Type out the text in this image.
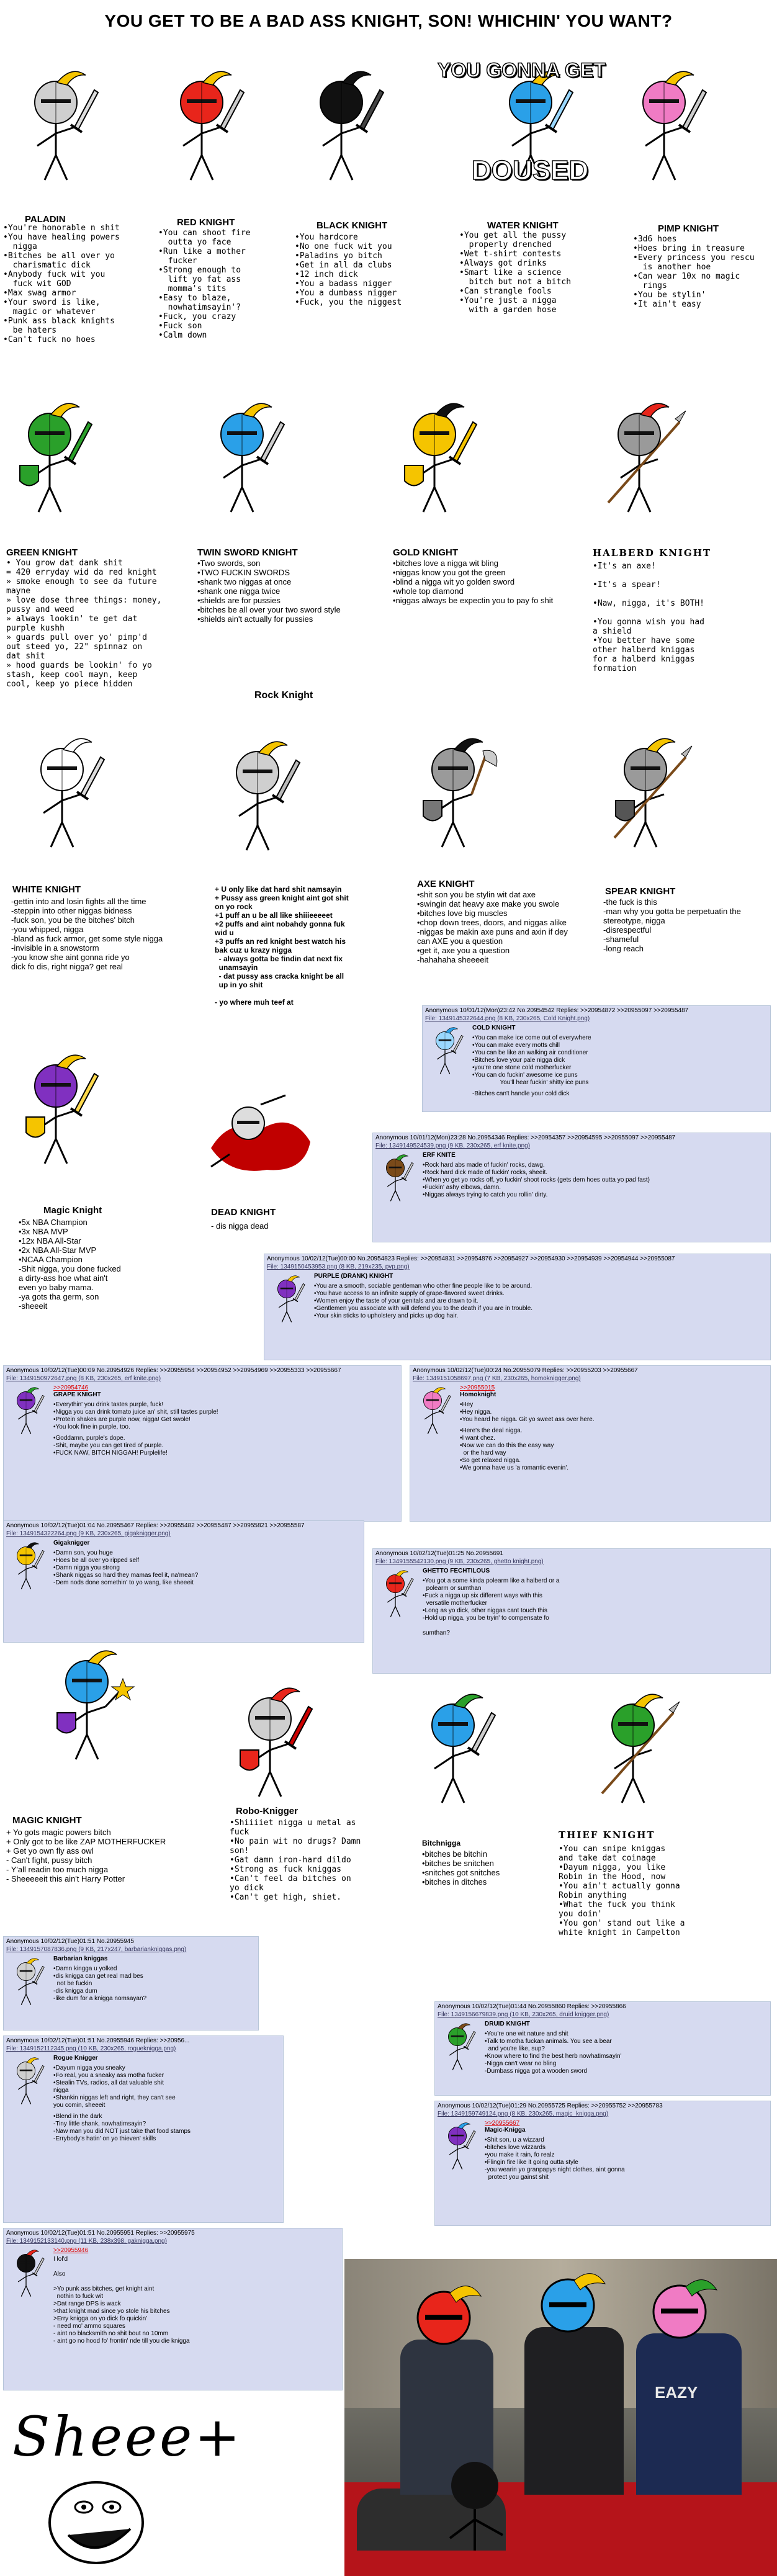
YOU GET TO BE A BAD ASS KNIGHT, SON! WHICHIN' YOU WANT?
PALADIN
•You're honorable n shit
•You have healing powers
nigga
•Bitches be all over yo
charismatic dick
•Anybody fuck wit you
fuck wit GOD
•Max swag armor
•Your sword is like,
magic or whatever
•Punk ass black knights
be haters
•Can't fuck no hoes
RED KNIGHT
•You can shoot fire
outta yo face
•Run like a mother
fucker
•Strong enough to
lift yo fat ass
momma's tits
•Easy to blaze,
nowhatimsayin'?
•Fuck, you crazy
•Fuck son
•Calm down
BLACK KNIGHT
•You hardcore
•No one fuck wit you
•Paladins yo bitch
•Get in all da clubs
•12 inch dick
•You a badass nigger
•You a dumbass nigger
•Fuck, you the niggest
WATER KNIGHT
•You get all the pussy
properly drenched
•Wet t-shirt contests
•Always got drinks
•Smart like a science
bitch but not a bitch
•Can strangle fools
•You're just a nigga
with a garden hose
PIMP KNIGHT
•3d6 hoes
•Hoes bring in treasure
•Every princess you rescu
is another hoe
•Can wear 10x no magic
rings
•You be stylin'
•It ain't easy
YOU GONNA GET
DOUSED
GREEN KNIGHT
• You grow dat dank shit
= 420 erryday wid da red knight
» smoke enough to see da future
mayne
» love dose three things: money,
pussy and weed
» always lookin' te get dat
purple kushh
» guards pull over yo' pimp'd
out steed yo, 22" spinnaz on
dat shit
» hood guards be lookin' fo yo
stash, keep cool mayn, keep
cool, keep yo piece hidden
TWIN SWORD KNIGHT
•Two swords, son
•TWO FUCKIN SWORDS
•shank two niggas at once
•shank one nigga twice
•shields are for pussies
•bitches be all over your two sword style
•shields ain't actually for pussies
GOLD KNIGHT
•bitches love a nigga wit bling
•niggas know you got the green
•blind a nigga wit yo golden sword
•whole top diamond
•niggas always be expectin you to pay fo shit
HALBERD KNIGHT
•It's an axe!

•It's a spear!

•Naw, nigga, it's BOTH!

•You gonna wish you had
a shield
•You better have some
other halberd kniggas
for a halberd kniggas
formation
Rock Knight
WHITE KNIGHT
-gettin into and losin fights all the time
-steppin into other niggas bidness
-fuck son, you be the bitches' bitch
-you whipped, nigga
-bland as fuck armor, get some style nigga
-invisible in a snowstorm
-you know she aint gonna ride yo
dick fo dis, right nigga? get real
AXE KNIGHT
•shit son you be stylin wit dat axe
•swingin dat heavy axe make you swole
•bitches love big muscles
•chop down trees, doors, and niggas alike
-niggas be makin axe puns and axin if dey
can AXE you a question
•get it, axe you a question
-hahahaha sheeeeit
SPEAR KNIGHT
-the fuck is this
-man why you gotta be perpetuatin the
stereotype, nigga
-disrespectful
-shameful
-long reach
+ U only like dat hard shit namsayin
+ Pussy ass green knight aint got shit
on yo rock
+1 puff an u be all like shiiieeeeet
+2 puffs and aint nobahdy gonna fuk
wid u
+3 puffs an red knight best watch his
bak cuz u krazy nigga
- always gotta be findin dat next fix
unamsayin
- dat pussy ass cracka knight be all
up in yo shit

- yo where muh teef at
Magic Knight
•5x NBA Champion
•3x NBA MVP
•12x NBA All-Star
•2x NBA All-Star MVP
•NCAA Champion
-Shit nigga, you done fucked
a dirty-ass hoe what ain't
even yo baby mama.
-ya gots tha germ, son
-sheeeit
DEAD KNIGHT
- dis nigga dead
Anonymous 10/01/12(Mon)23:42 No.20954542 Replies: >>20954872 >>20955097 >>20955487
File: 1349145322644.png (8 KB, 230x265, Cold Knight.png)
COLD KNIGHT
•You can make ice come out of everywhere
•You can make every motts chill
•You can be like an walking air conditioner
•Bitches love your pale nigga dick
•you're one stone cold motherfucker
•You can do fuckin' awesome ice puns
You'll hear fuckin' shitty ice puns
-Bitches can't handle your cold dick
Anonymous 10/01/12(Mon)23:28 No.20954346 Replies: >>20954357 >>20954595 >>20955097 >>20955487
File: 1349149524539.png (9 KB, 230x265, erf knite.png)
ERF KNITE
•Rock hard abs made of fuckin' rocks, dawg.
•Rock hard dick made of fuckin' rocks, sheeit.
•When yo get yo rocks off, yo fuckin' shoot rocks (gets dem hoes outta yo pad fast)
•Fuckin' ashy elbows, damn.
•Niggas always trying to catch you rollin' dirty.
Anonymous 10/02/12(Tue)00:00 No.20954823 Replies: >>20954831 >>20954876 >>20954927 >>20954930 >>20954939 >>20954944 >>20955087
File: 1349150453953.png (8 KB, 219x235, pvp.png)
PURPLE (DRANK) KNIGHT
•You are a smooth, sociable gentleman who other fine people like to be around.
•You have access to an infinite supply of grape-flavored sweet drinks.
•Women enjoy the taste of your genitals and are drawn to it.
•Gentlemen you associate with will defend you to the death if you are in trouble.
•Your skin sticks to upholstery and picks up dog hair.
Anonymous 10/02/12(Tue)00:09 No.20954926 Replies: >>20955954 >>20954952 >>20954969 >>20955333 >>20955667
File: 1349150972647.png (8 KB, 230x265, erf knite.png)
>>20954746
GRAPE KNIGHT
•Everythin' you drink tastes purple, fuck!
•Nigga you can drink tomato juice an' shit, still tastes purple!
•Protein shakes are purple now, nigga! Get swole!
•You look fine in purple, too.
•Goddamn, purple's dope.
-Shit, maybe you can get tired of purple.
•FUCK NAW, BITCH NIGGAH! Purplelife!
Anonymous 10/02/12(Tue)00:24 No.20955079 Replies: >>20955203 >>20955667
File: 1349151058697.png (7 KB, 230x265, homoknigger.png)
>>20955015
Homoknight
•Hey
•Hey nigga.
•You heard he nigga. Git yo sweet ass over here.
•Here's the deal nigga.
•I want chez.
•Now we can do this the easy way
or the hard way
•So get relaxed nigga.
•We gonna have us 'a romantic evenin'.
Anonymous 10/02/12(Tue)01:04 No.20955467 Replies: >>20955482 >>20955487 >>20955821 >>20955587
File: 1349154322264.png (9 KB, 230x265, gigaknigger.png)
Gigaknigger
•Damn son, you huge
•Hoes be all over yo ripped self
•Damn nigga you strong
•Shank niggas so hard they mamas feel it, na'mean?
-Dem nods done somethin' to yo wang, like sheeeit
Anonymous 10/02/12(Tue)01:25 No.20955691
File: 1349155542130.png (9 KB, 230x265, ghetto knight.png)
GHETTO FECHTILOUS
•You got a some kinda polearm like a halberd or a
polearm or sumthan
•Fuck a nigga up six different ways with this
versatile motherfucker
•Long as yo dick, other niggas cant touch this
-Hold up nigga, you be tryin' to compensate fo

sumthan?
MAGIC KNIGHT
+ Yo gots magic powers bitch
+ Only got to be like ZAP MOTHERFUCKER
+ Get yo own fly ass owl
- Can't fight, pussy bitch
- Y'all readin too much nigga
- Sheeeeeit this ain't Harry Potter
Robo-Knigger
•Shiiiiet nigga u metal as
fuck
•No pain wit no drugs? Damn
son!
•Gat damn iron-hard dildo
•Strong as fuck kniggas
•Can't feel da bitches on
yo dick
•Can't get high, shiet.
Bitchnigga
•bitches be bitchin
•bitches be snitchen
•snitches got snitches
•bitches in ditches
THIEF KNIGHT
•You can snipe kniggas
and take dat coinage
•Dayum nigga, you like
Robin in the Hood, now
•You ain't actually gonna
Robin anything
•What the fuck you think
you doin'
•You gon' stand out like a
white knight in Campelton
Anonymous 10/02/12(Tue)01:51 No.20955945
File: 1349157087836.png (9 KB, 217x247, barbariankniggas.png)
Barbarian kniggas
•Damn kingga u yolked
•dis knigga can get real mad bes
not be fuckin
-dis knigga dum
-like dum for a knigga nomsayan?
Anonymous 10/02/12(Tue)01:44 No.20955860 Replies: >>20955866
File: 1349156679839.png (10 KB, 230x265, druid knigger.png)
DRUID KNIGHT
•You're one wit nature and shit
•Talk to motha fuckan animals. You see a bear
and you're like, sup?
•Know where to find the best herb nowhatimsayin'
-Nigga can't wear no bling
-Dumbass nigga got a wooden sword
Anonymous 10/02/12(Tue)01:51 No.20955946 Replies: >>20956...
File: 1349152112345.png (10 KB, 230x265, rogueknigga.png)
Rogue Knigger
•Dayum nigga you sneaky
•Fo real, you a sneaky ass motha fucker
•Stealin TVs, radios, all dat valuable shit
nigga
•Shankin niggas left and right, they can't see
you comin, sheeeit
•Blend in the dark
-Tiny little shank, nowhatimsayin?
-Naw man you did NOT just take that food stamps
-Errybody's hatin' on yo thieven' skills
Anonymous 10/02/12(Tue)01:29 No.20955725 Replies: >>20955752 >>20955783
File: 1349159749124.png (8 KB, 230x265, magic_knigga.png)
>>20955667
Magic-Knigga
•Shit son, u a wizzard
•bitches love wizzards
•you make it rain, fo realz
•Flingin fire like it going outta style
-you wearin yo granpapys night clothes, aint gonna
protect you gainst shit
Anonymous 10/02/12(Tue)01:51 No.20955951 Replies: >>20955975
File: 1349152133140.png (11 KB, 238x398, gaknigga.png)
>>20955946
I lol'd

Also

>Yo punk ass bitches, get knight aint
nothin to fuck wit
>Dat range DPS is wack
>that knight mad since yo stole his bitches
>Erry knigga on yo dick fo quickin'
- need mo' ammo squares
- aint no blacksmith no shit bout no 10mm
- aint go no hood fo' frontin' nde till you die knigga
EAZY
Sheee+
